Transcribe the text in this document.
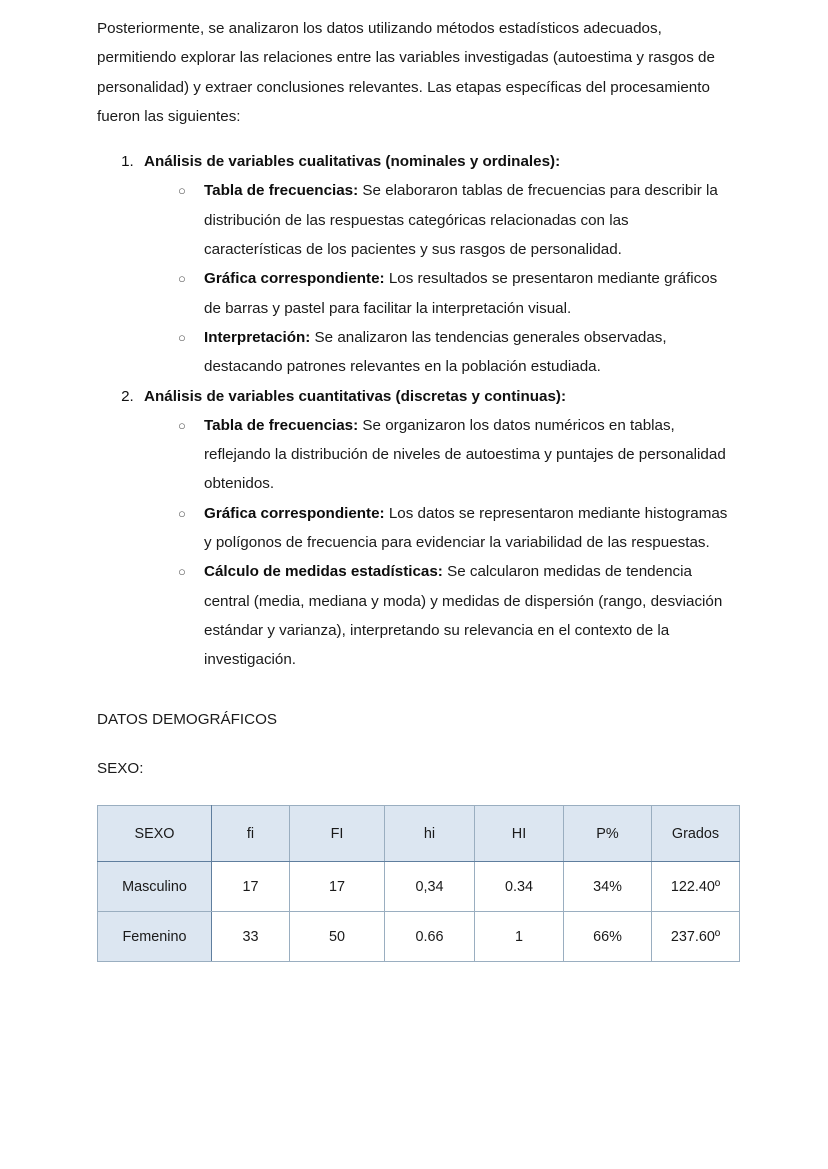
Posteriormente, se analizaron los datos utilizando métodos estadísticos adecuados, permitiendo explorar las relaciones entre las variables investigadas (autoestima y rasgos de personalidad) y extraer conclusiones relevantes. Las etapas específicas del procesamiento fueron las siguientes:

1. Análisis de variables cualitativas (nominales y ordinales):
○ Tabla de frecuencias: Se elaboraron tablas de frecuencias para describir la distribución de las respuestas categóricas relacionadas con las características de los pacientes y sus rasgos de personalidad.
○ Gráfica correspondiente: Los resultados se presentaron mediante gráficos de barras y pastel para facilitar la interpretación visual.
○ Interpretación: Se analizaron las tendencias generales observadas, destacando patrones relevantes en la población estudiada.
2. Análisis de variables cuantitativas (discretas y continuas):
○ Tabla de frecuencias: Se organizaron los datos numéricos en tablas, reflejando la distribución de niveles de autoestima y puntajes de personalidad obtenidos.
○ Gráfica correspondiente: Los datos se representaron mediante histogramas y polígonos de frecuencia para evidenciar la variabilidad de las respuestas.
○ Cálculo de medidas estadísticas: Se calcularon medidas de tendencia central (media, mediana y moda) y medidas de dispersión (rango, desviación estándar y varianza), interpretando su relevancia en el contexto de la investigación.

DATOS DEMOGRÁFICOS

SEXO:

SEXO	fi	FI	hi	HI	P%	Grados
Masculino	17	17	0,34	0.34	34%	122.40º
Femenino	33	50	0.66	1	66%	237.60º
